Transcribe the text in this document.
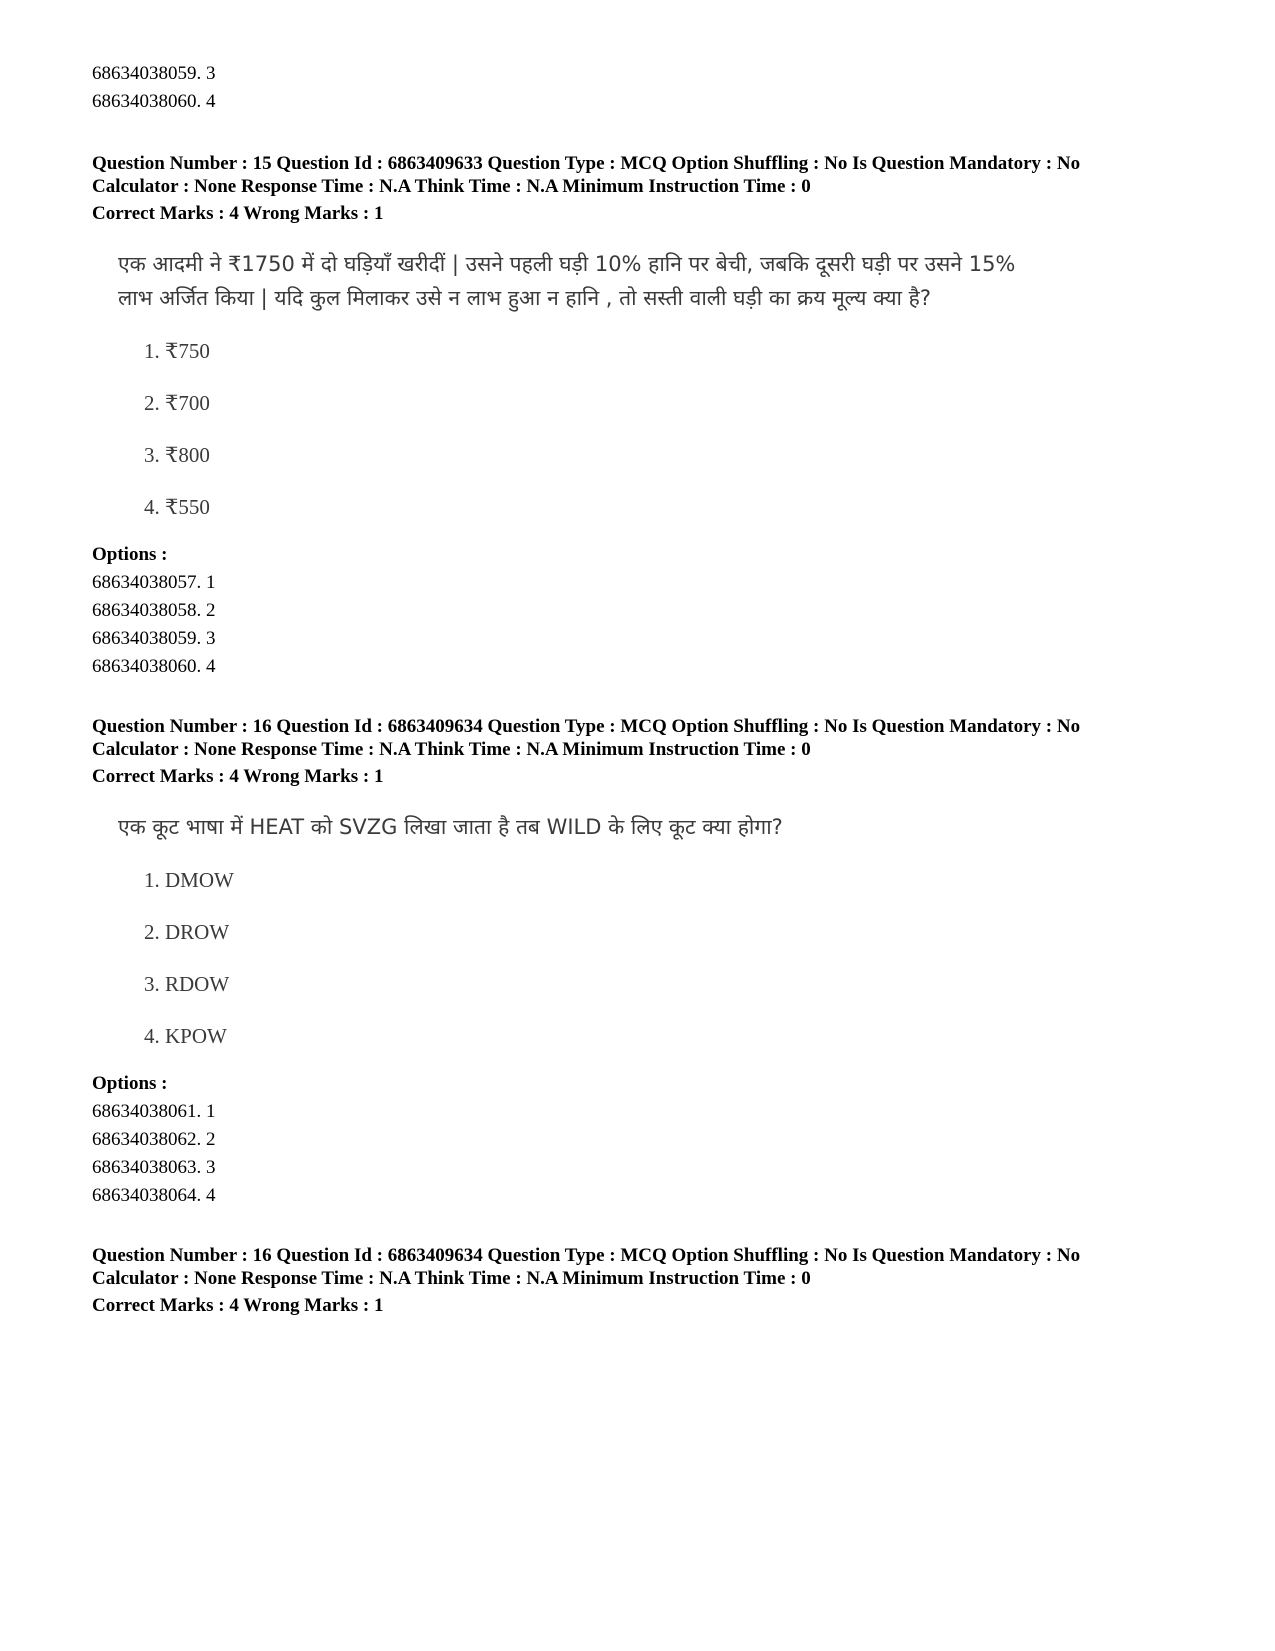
68634038059. 3

68634038060. 4

Question Number : 15 Question Id : 6863409633 Question Type : MCQ Option Shuffling : No Is Question Mandatory : No

Calculator : None Response Time : N.A Think Time : N.A Minimum Instruction Time : 0

Correct Marks : 4 Wrong Marks : 1

एक आदमी ने ₹1750 में दो घड़ियाँ खरीदीं | उसने पहली घड़ी 10% हानि पर बेची, जबकि दूसरी घड़ी पर उसने 15%
लाभ अर्जित किया | यदि कुल मिलाकर उसे न लाभ हुआ न हानि , तो सस्ती वाली घड़ी का क्रय मूल्य क्या है?
1. ₹750
2. ₹700
3. ₹800
4. ₹550

Options :

68634038057. 1

68634038058. 2

68634038059. 3

68634038060. 4

Question Number : 16 Question Id : 6863409634 Question Type : MCQ Option Shuffling : No Is Question Mandatory : No

Calculator : None Response Time : N.A Think Time : N.A Minimum Instruction Time : 0

Correct Marks : 4 Wrong Marks : 1

एक कूट भाषा में HEAT को SVZG लिखा जाता है तब WILD के लिए कूट क्या होगा?
1. DMOW
2. DROW
3. RDOW
4. KPOW

Options :

68634038061. 1

68634038062. 2

68634038063. 3

68634038064. 4

Question Number : 16 Question Id : 6863409634 Question Type : MCQ Option Shuffling : No Is Question Mandatory : No

Calculator : None Response Time : N.A Think Time : N.A Minimum Instruction Time : 0

Correct Marks : 4 Wrong Marks : 1
